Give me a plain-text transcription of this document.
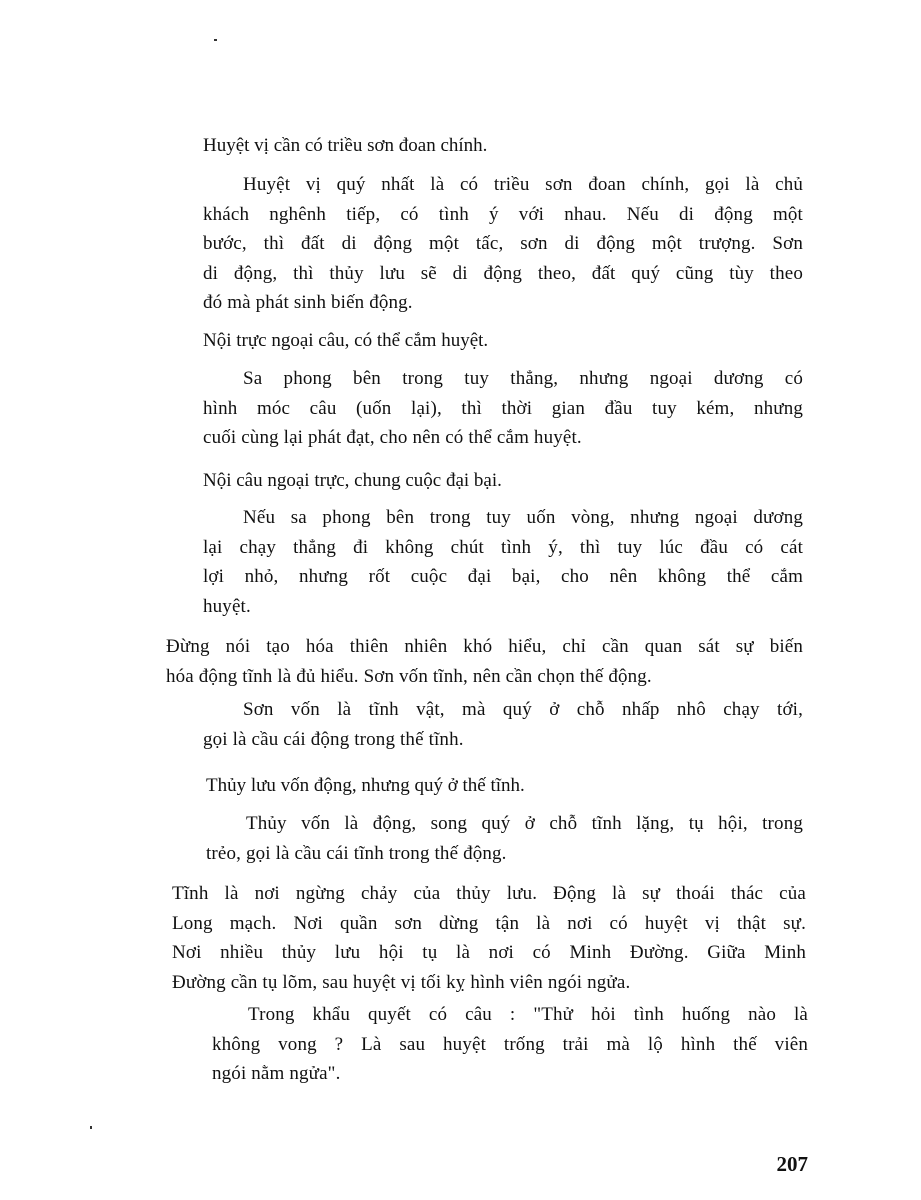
Huyệt vị cần có triều sơn đoan chính.

Huyệt vị quý nhất là có triều sơn đoan chính, gọi là chủ
khách nghênh tiếp, có tình ý với nhau. Nếu di động một
bước, thì đất di động một tấc, sơn di động một trượng. Sơn
di động, thì thủy lưu sẽ di động theo, đất quý cũng tùy theo
đó mà phát sinh biến động.

Nội trực ngoại câu, có thể cắm huyệt.

Sa phong bên trong tuy thẳng, nhưng ngoại dương có
hình móc câu (uốn lại), thì thời gian đầu tuy kém, nhưng
cuối cùng lại phát đạt, cho nên có thể cắm huyệt.

Nội câu ngoại trực, chung cuộc đại bại.

Nếu sa phong bên trong tuy uốn vòng, nhưng ngoại dương
lại chạy thẳng đi không chút tình ý, thì tuy lúc đầu có cát
lợi nhỏ, nhưng rốt cuộc đại bại, cho nên không thể cắm
huyệt.
Đừng nói tạo hóa thiên nhiên khó hiểu, chỉ cần quan sát sự biến
hóa động tĩnh là đủ hiểu. Sơn vốn tĩnh, nên cần chọn thế động.
Sơn vốn là tĩnh vật, mà quý ở chỗ nhấp nhô chạy tới,
gọi là cầu cái động trong thế tĩnh.

Thủy lưu vốn động, nhưng quý ở thế tĩnh.

Thủy vốn là động, song quý ở chỗ tĩnh lặng, tụ hội, trong
trẻo, gọi là cầu cái tĩnh trong thế động.
Tĩnh là nơi ngừng chảy của thủy lưu. Động là sự thoái thác của
Long mạch. Nơi quần sơn dừng tận là nơi có huyệt vị thật sự.
Nơi nhiều thủy lưu hội tụ là nơi có Minh Đường. Giữa Minh
Đường cần tụ lõm, sau huyệt vị tối kỵ hình viên ngói ngửa.
Trong khẩu quyết có câu : "Thử hỏi tình huống nào là
không vong ? Là sau huyệt trống trải mà lộ hình thế viên
ngói nằm ngửa".
207
